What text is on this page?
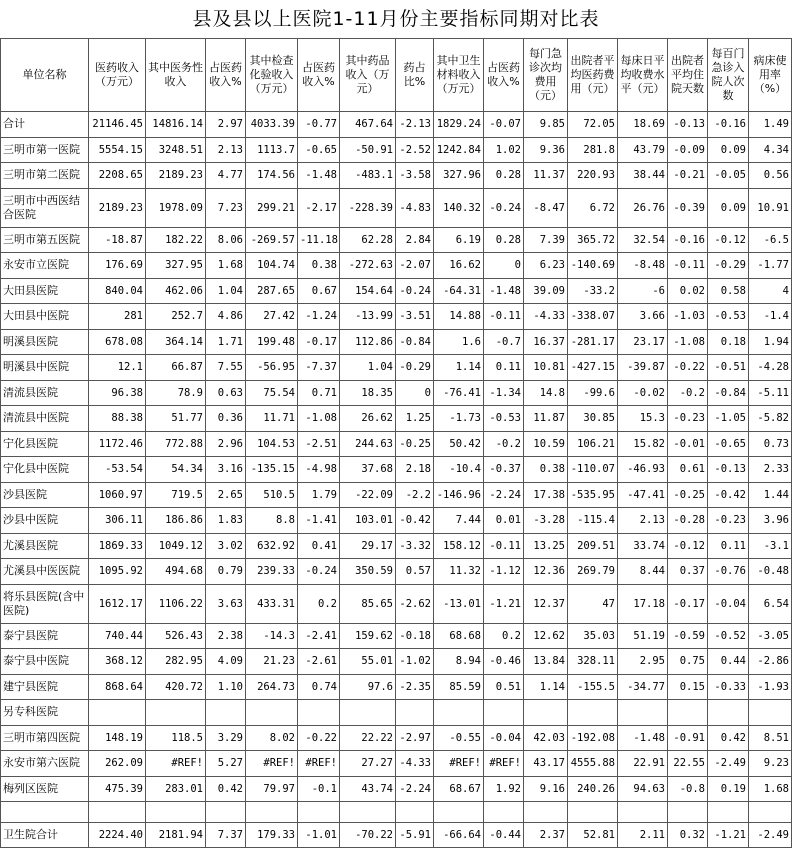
县及县以上医院1-11月份主要指标同期对比表
单位名称	医药收入（万元）	其中医务性收入	占医药收入%	其中检查化验收入（万元）	占医药收入%	其中药品收入（万元）	药占比%	其中卫生材料收入（万元）	占医药收入%	每门急诊次均费用（元）	出院者平均医药费用（元）	每床日平均收费水平（元）	出院者平均住院天数	每百门急诊入院人次数	病床使用率（%）
合计	21146.45	14816.14	2.97	4033.39	-0.77	467.64	-2.13	1829.24	-0.07	9.85	72.05	18.69	-0.13	-0.16	1.49
三明市第一医院	5554.15	3248.51	2.13	1113.7	-0.65	-50.91	-2.52	1242.84	1.02	9.36	281.8	43.79	-0.09	0.09	4.34
三明市第二医院	2208.65	2189.23	4.77	174.56	-1.48	-483.1	-3.58	327.96	0.28	11.37	220.93	38.44	-0.21	-0.05	0.56
三明市中西医结合医院	2189.23	1978.09	7.23	299.21	-2.17	-228.39	-4.83	140.32	-0.24	-8.47	6.72	26.76	-0.39	0.09	10.91
三明市第五医院	-18.87	182.22	8.06	-269.57	-11.18	62.28	2.84	6.19	0.28	7.39	365.72	32.54	-0.16	-0.12	-6.5
永安市立医院	176.69	327.95	1.68	104.74	0.38	-272.63	-2.07	16.62	0	6.23	-140.69	-8.48	-0.11	-0.29	-1.77
大田县医院	840.04	462.06	1.04	287.65	0.67	154.64	-0.24	-64.31	-1.48	39.09	-33.2	-6	0.02	0.58	4
大田县中医院	281	252.7	4.86	27.42	-1.24	-13.99	-3.51	14.88	-0.11	-4.33	-338.07	3.66	-1.03	-0.53	-1.4
明溪县医院	678.08	364.14	1.71	199.48	-0.17	112.86	-0.84	1.6	-0.7	16.37	-281.17	23.17	-1.08	0.18	1.94
明溪县中医院	12.1	66.87	7.55	-56.95	-7.37	1.04	-0.29	1.14	0.11	10.81	-427.15	-39.87	-0.22	-0.51	-4.28
清流县医院	96.38	78.9	0.63	75.54	0.71	18.35	0	-76.41	-1.34	14.8	-99.6	-0.02	-0.2	-0.84	-5.11
清流县中医院	88.38	51.77	0.36	11.71	-1.08	26.62	1.25	-1.73	-0.53	11.87	30.85	15.3	-0.23	-1.05	-5.82
宁化县医院	1172.46	772.88	2.96	104.53	-2.51	244.63	-0.25	50.42	-0.2	10.59	106.21	15.82	-0.01	-0.65	0.73
宁化县中医院	-53.54	54.34	3.16	-135.15	-4.98	37.68	2.18	-10.4	-0.37	0.38	-110.07	-46.93	0.61	-0.13	2.33
沙县医院	1060.97	719.5	2.65	510.5	1.79	-22.09	-2.2	-146.96	-2.24	17.38	-535.95	-47.41	-0.25	-0.42	1.44
沙县中医院	306.11	186.86	1.83	8.8	-1.41	103.01	-0.42	7.44	0.01	-3.28	-115.4	2.13	-0.28	-0.23	3.96
尤溪县医院	1869.33	1049.12	3.02	632.92	0.41	29.17	-3.32	158.12	-0.11	13.25	209.51	33.74	-0.12	0.11	-3.1
尤溪县中医医院	1095.92	494.68	0.79	239.33	-0.24	350.59	0.57	11.32	-1.12	12.36	269.79	8.44	0.37	-0.76	-0.48
将乐县医院(含中医院)	1612.17	1106.22	3.63	433.31	0.2	85.65	-2.62	-13.01	-1.21	12.37	47	17.18	-0.17	-0.04	6.54
泰宁县医院	740.44	526.43	2.38	-14.3	-2.41	159.62	-0.18	68.68	0.2	12.62	35.03	51.19	-0.59	-0.52	-3.05
泰宁县中医院	368.12	282.95	4.09	21.23	-2.61	55.01	-1.02	8.94	-0.46	13.84	328.11	2.95	0.75	0.44	-2.86
建宁县医院	868.64	420.72	1.10	264.73	0.74	97.6	-2.35	85.59	0.51	1.14	-155.5	-34.77	0.15	-0.33	-1.93
另专科医院															
三明市第四医院	148.19	118.5	3.29	8.02	-0.22	22.22	-2.97	-0.55	-0.04	42.03	-192.08	-1.48	-0.91	0.42	8.51
永安市第六医院	262.09	#REF!	5.27	#REF!	#REF!	27.27	-4.33	#REF!	#REF!	43.17	4555.88	22.91	22.55	-2.49	9.23
梅列区医院	475.39	283.01	0.42	79.97	-0.1	43.74	-2.24	68.67	1.92	9.16	240.26	94.63	-0.8	0.19	1.68

卫生院合计	2224.40	2181.94	7.37	179.33	-1.01	-70.22	-5.91	-66.64	-0.44	2.37	52.81	2.11	0.32	-1.21	-2.49
